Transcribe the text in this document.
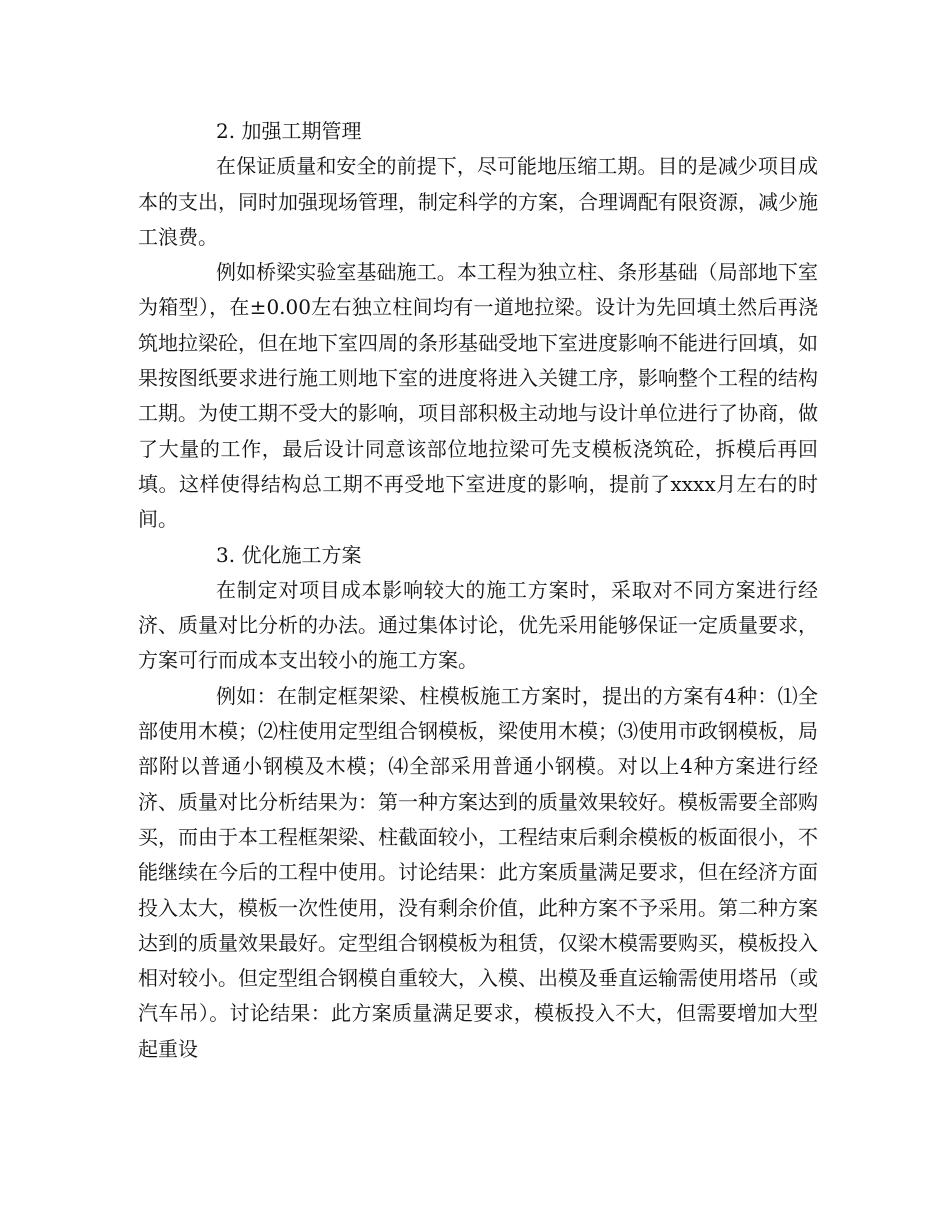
2. 加强工期管理

在保证质量和安全的前提下，尽可能地压缩工期。目的是减少项目成本的支出，同时加强现场管理，制定科学的方案，合理调配有限资源，减少施工浪费。

例如桥梁实验室基础施工。本工程为独立柱、条形基础（局部地下室为箱型），在±0.00左右独立柱间均有一道地拉梁。设计为先回填土然后再浇筑地拉梁砼，但在地下室四周的条形基础受地下室进度影响不能进行回填，如果按图纸要求进行施工则地下室的进度将进入关键工序，影响整个工程的结构工期。为使工期不受大的影响，项目部积极主动地与设计单位进行了协商，做了大量的工作，最后设计同意该部位地拉梁可先支模板浇筑砼，拆模后再回填。这样使得结构总工期不再受地下室进度的影响，提前了xxxx月左右的时间。

3. 优化施工方案

在制定对项目成本影响较大的施工方案时，采取对不同方案进行经济、质量对比分析的办法。通过集体讨论，优先采用能够保证一定质量要求，方案可行而成本支出较小的施工方案。

例如：在制定框架梁、柱模板施工方案时，提出的方案有4种：⑴全部使用木模；⑵柱使用定型组合钢模板，梁使用木模；⑶使用市政钢模板，局部附以普通小钢模及木模；⑷全部采用普通小钢模。对以上4种方案进行经济、质量对比分析结果为：第一种方案达到的质量效果较好。模板需要全部购买，而由于本工程框架梁、柱截面较小，工程结束后剩余模板的板面很小，不能继续在今后的工程中使用。讨论结果：此方案质量满足要求，但在经济方面投入太大，模板一次性使用，没有剩余价值，此种方案不予采用。第二种方案达到的质量效果最好。定型组合钢模板为租赁，仅梁木模需要购买，模板投入相对较小。但定型组合钢模自重较大，入模、出模及垂直运输需使用塔吊（或汽车吊）。讨论结果：此方案质量满足要求，模板投入不大，但需要增加大型起重设
